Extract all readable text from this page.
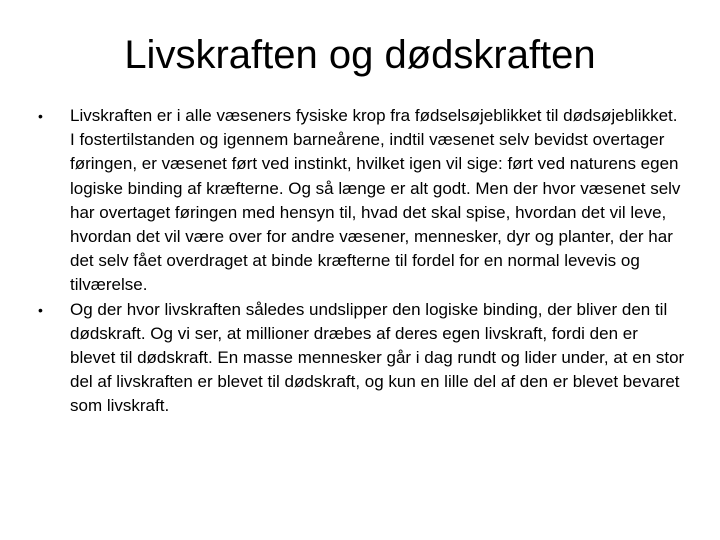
Livskraften og dødskraften
• Livskraften er i alle væseners fysiske krop fra fødselsøjeblikket til dødsøjeblikket. I fostertilstanden og igennem barneårene, indtil væsenet selv bevidst overtager føringen, er væsenet ført ved instinkt, hvilket igen vil sige: ført ved naturens egen logiske binding af kræfterne. Og så længe er alt godt. Men der hvor væsenet selv har overtaget føringen med hensyn til, hvad det skal spise, hvordan det vil leve, hvordan det vil være over for andre væsener, mennesker, dyr og planter, der har det selv fået overdraget at binde kræfterne til fordel for en normal levevis og tilværelse.
• Og der hvor livskraften således undslipper den logiske binding, der bliver den til dødskraft. Og vi ser, at millioner dræbes af deres egen livskraft, fordi den er blevet til dødskraft. En masse mennesker går i dag rundt og lider under, at en stor del af livskraften er blevet til dødskraft, og kun en lille del af den er blevet bevaret som livskraft.
